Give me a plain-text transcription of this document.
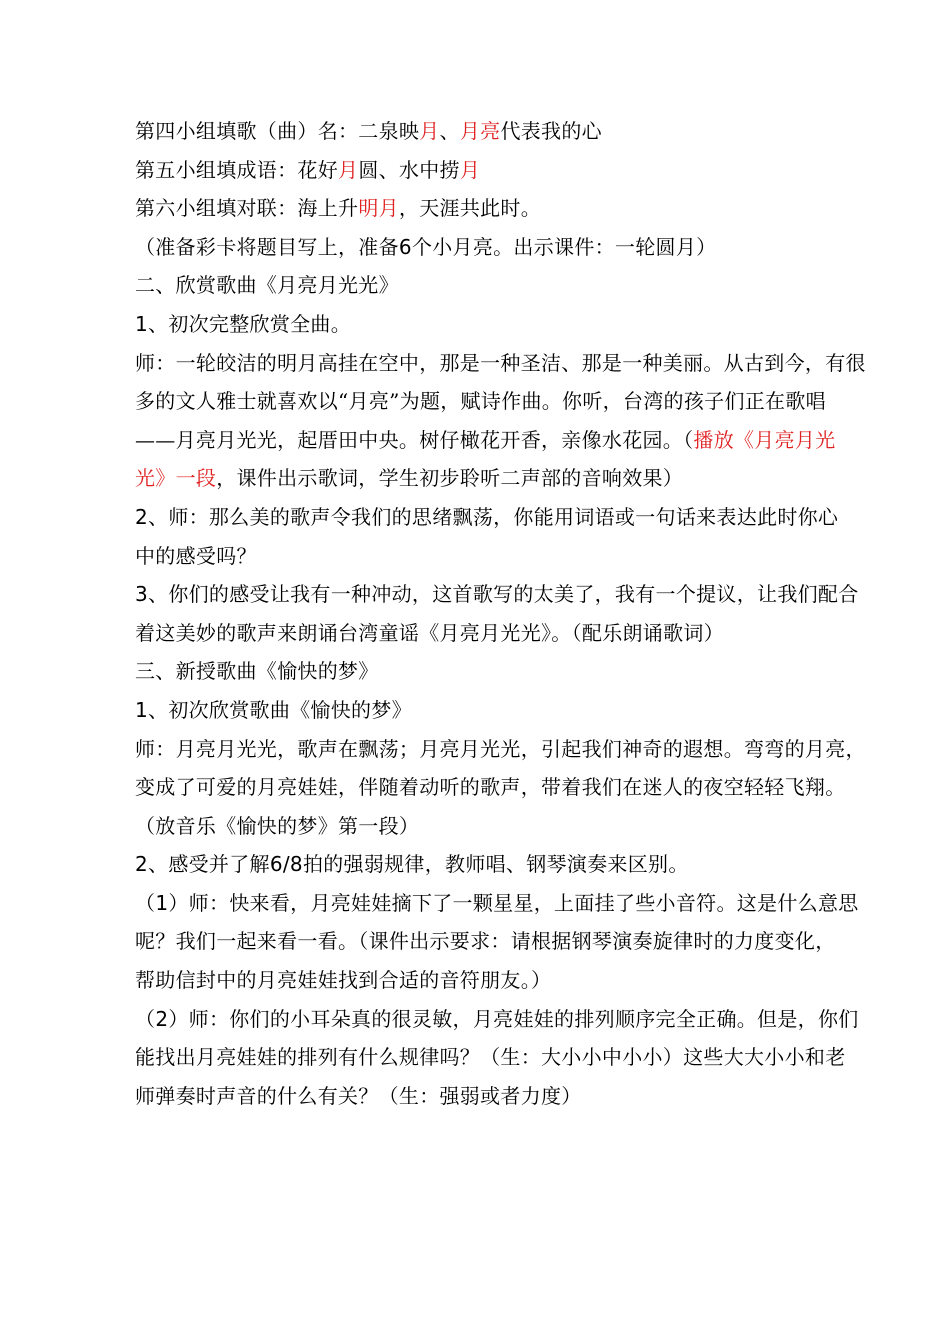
第四小组填歌（曲）名：二泉映月、月亮代表我的心
第五小组填成语：花好月圆、水中捞月
第六小组填对联：海上升明月，天涯共此时。
（准备彩卡将题目写上，准备6个小月亮。出示课件：一轮圆月）
二、欣赏歌曲《月亮月光光》
1、初次完整欣赏全曲。
师：一轮皎洁的明月高挂在空中，那是一种圣洁、那是一种美丽。从古到今，有很
多的文人雅士就喜欢以“月亮”为题，赋诗作曲。你听，台湾的孩子们正在歌唱
——月亮月光光，起厝田中央。树仔橄花开香，亲像水花园。（播放《月亮月光
光》一段，课件出示歌词，学生初步聆听二声部的音响效果）
2、师：那么美的歌声令我们的思绪飘荡，你能用词语或一句话来表达此时你心
中的感受吗？
3、你们的感受让我有一种冲动，这首歌写的太美了，我有一个提议，让我们配合
着这美妙的歌声来朗诵台湾童谣《月亮月光光》。（配乐朗诵歌词）
三、新授歌曲《愉快的梦》
1、初次欣赏歌曲《愉快的梦》
师：月亮月光光，歌声在飘荡；月亮月光光，引起我们神奇的遐想。弯弯的月亮，
变成了可爱的月亮娃娃，伴随着动听的歌声，带着我们在迷人的夜空轻轻飞翔。
（放音乐《愉快的梦》第一段）
2、感受并了解6/8拍的强弱规律，教师唱、钢琴演奏来区别。
（1）师：快来看，月亮娃娃摘下了一颗星星，上面挂了些小音符。这是什么意思
呢？我们一起来看一看。（课件出示要求：请根据钢琴演奏旋律时的力度变化，
帮助信封中的月亮娃娃找到合适的音符朋友。）
（2）师：你们的小耳朵真的很灵敏，月亮娃娃的排列顺序完全正确。但是，你们
能找出月亮娃娃的排列有什么规律吗？（生：大小小中小小）这些大大小小和老
师弹奏时声音的什么有关？（生：强弱或者力度）
